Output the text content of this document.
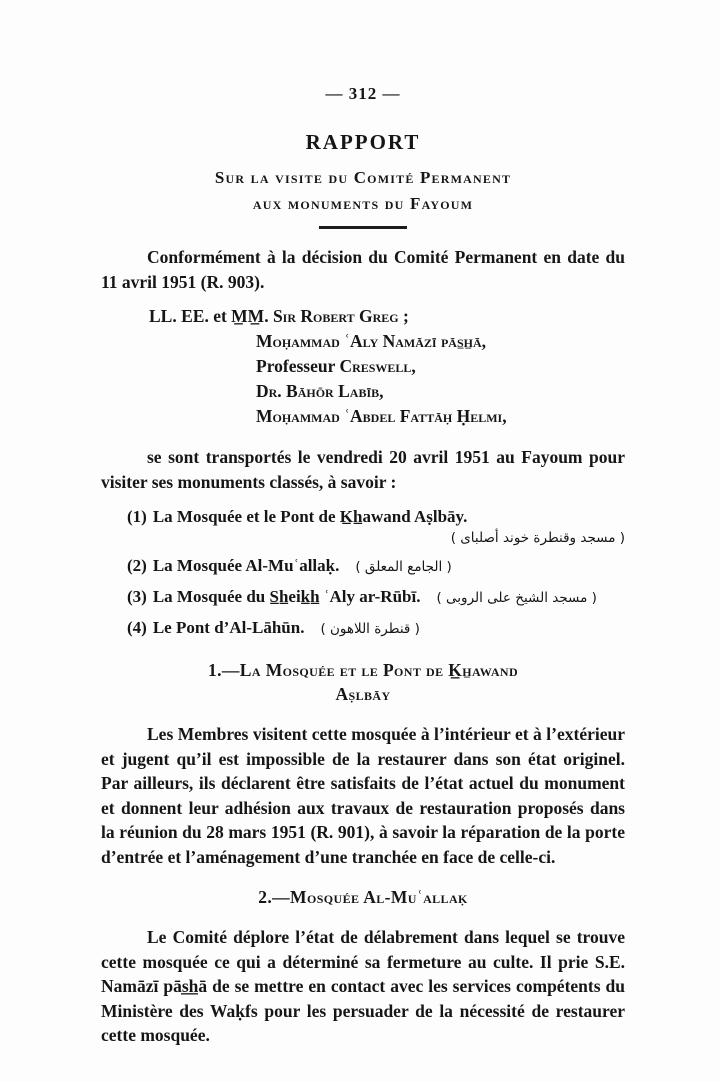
— 312 —
RAPPORT
Sur la visite du Comité Permanent
aux monuments du Fayoum

Conformément à la décision du Comité Permanent en date du 11 avril 1951 (R. 903).

LL. EE. et M̲M̲. Sir Robert Greg ;
Moḥammad ʿAly Namāzī pās̲h̲ā,
Professeur Creswell,
Dr. Bāhōr Labīb,
Moḥammad ʿAbdel Fattāḥ Ḥelmi,

se sont transportés le vendredi 20 avril 1951 au Fayoum pour visiter ses monuments classés, à savoir :

(1) La Mosquée et le Pont de K̲h̲awand Aṣlbāy.
( مسجد وقنطرة خوند أصلباى )
(2) La Mosquée Al-Muʿallaḳ. ( الجامع المعلق )
(3) La Mosquée du S̲h̲eik̲h̲ ʿAly ar-Rūbī. ( مسجد الشيخ على الروبى )
(4) Le Pont d’Al-Lāhūn. ( قنطرة اللاهون )
1.—La Mosquée et le Pont de K̲h̲awand
Aṣlbāy

Les Membres visitent cette mosquée à l’intérieur et à l’extérieur et jugent qu’il est impossible de la restaurer dans son état originel. Par ailleurs, ils déclarent être satisfaits de l’état actuel du monument et donnent leur adhésion aux travaux de restauration proposés dans la réunion du 28 mars 1951 (R. 901), à savoir la réparation de la porte d’entrée et l’aménagement d’une tranchée en face de celle-ci.

2.—Mosquée Al-Muʿallaḳ

Le Comité déplore l’état de délabrement dans lequel se trouve cette mosquée ce qui a déterminé sa fermeture au culte. Il prie S.E. Namāzī pās̲h̲ā de se mettre en contact avec les services compétents du Ministère des Waḳfs pour les persuader de la nécessité de restaurer cette mosquée.
